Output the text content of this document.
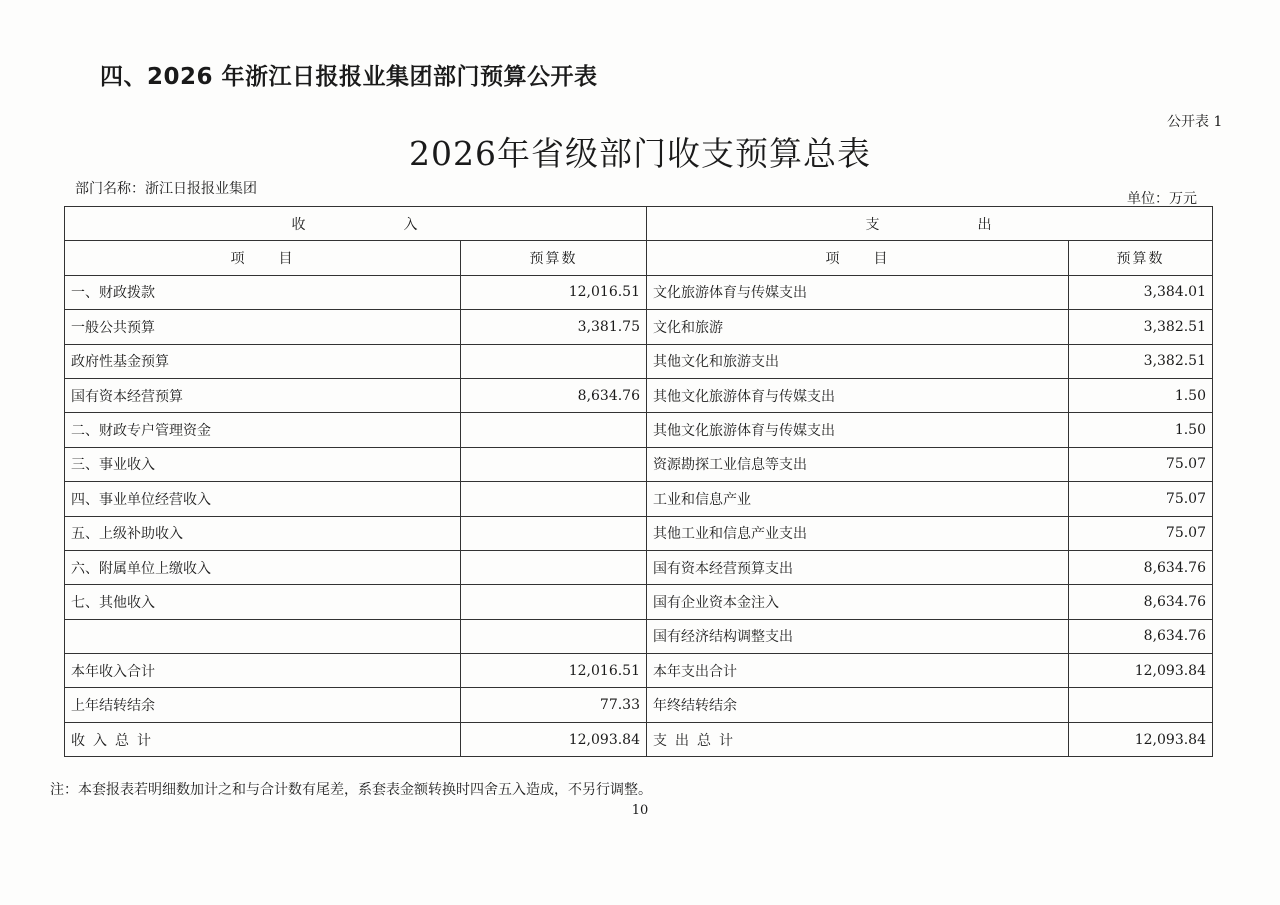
四、2026 年浙江日报报业集团部门预算公开表
公开表 1
2026年省级部门收支预算总表
部门名称：浙江日报报业集团
单位：万元
收　　　　　　入		支　　　　　　出	
项　　目	预算数	项　　目	预算数
一、财政拨款	12,016.51	文化旅游体育与传媒支出	3,384.01
一般公共预算	3,381.75	文化和旅游	3,382.51
政府性基金预算		其他文化和旅游支出	3,382.51
国有资本经营预算	8,634.76	其他文化旅游体育与传媒支出	1.50
二、财政专户管理资金		其他文化旅游体育与传媒支出	1.50
三、事业收入		资源勘探工业信息等支出	75.07
四、事业单位经营收入		工业和信息产业	75.07
五、上级补助收入		其他工业和信息产业支出	75.07
六、附属单位上缴收入		国有资本经营预算支出	8,634.76
七、其他收入		国有企业资本金注入	8,634.76
		国有经济结构调整支出	8,634.76
本年收入合计	12,016.51	本年支出合计	12,093.84
上年结转结余	77.33	年终结转结余	
收入总计	12,093.84	支出总计	12,093.84
注：本套报表若明细数加计之和与合计数有尾差，系套表金额转换时四舍五入造成，不另行调整。
10
